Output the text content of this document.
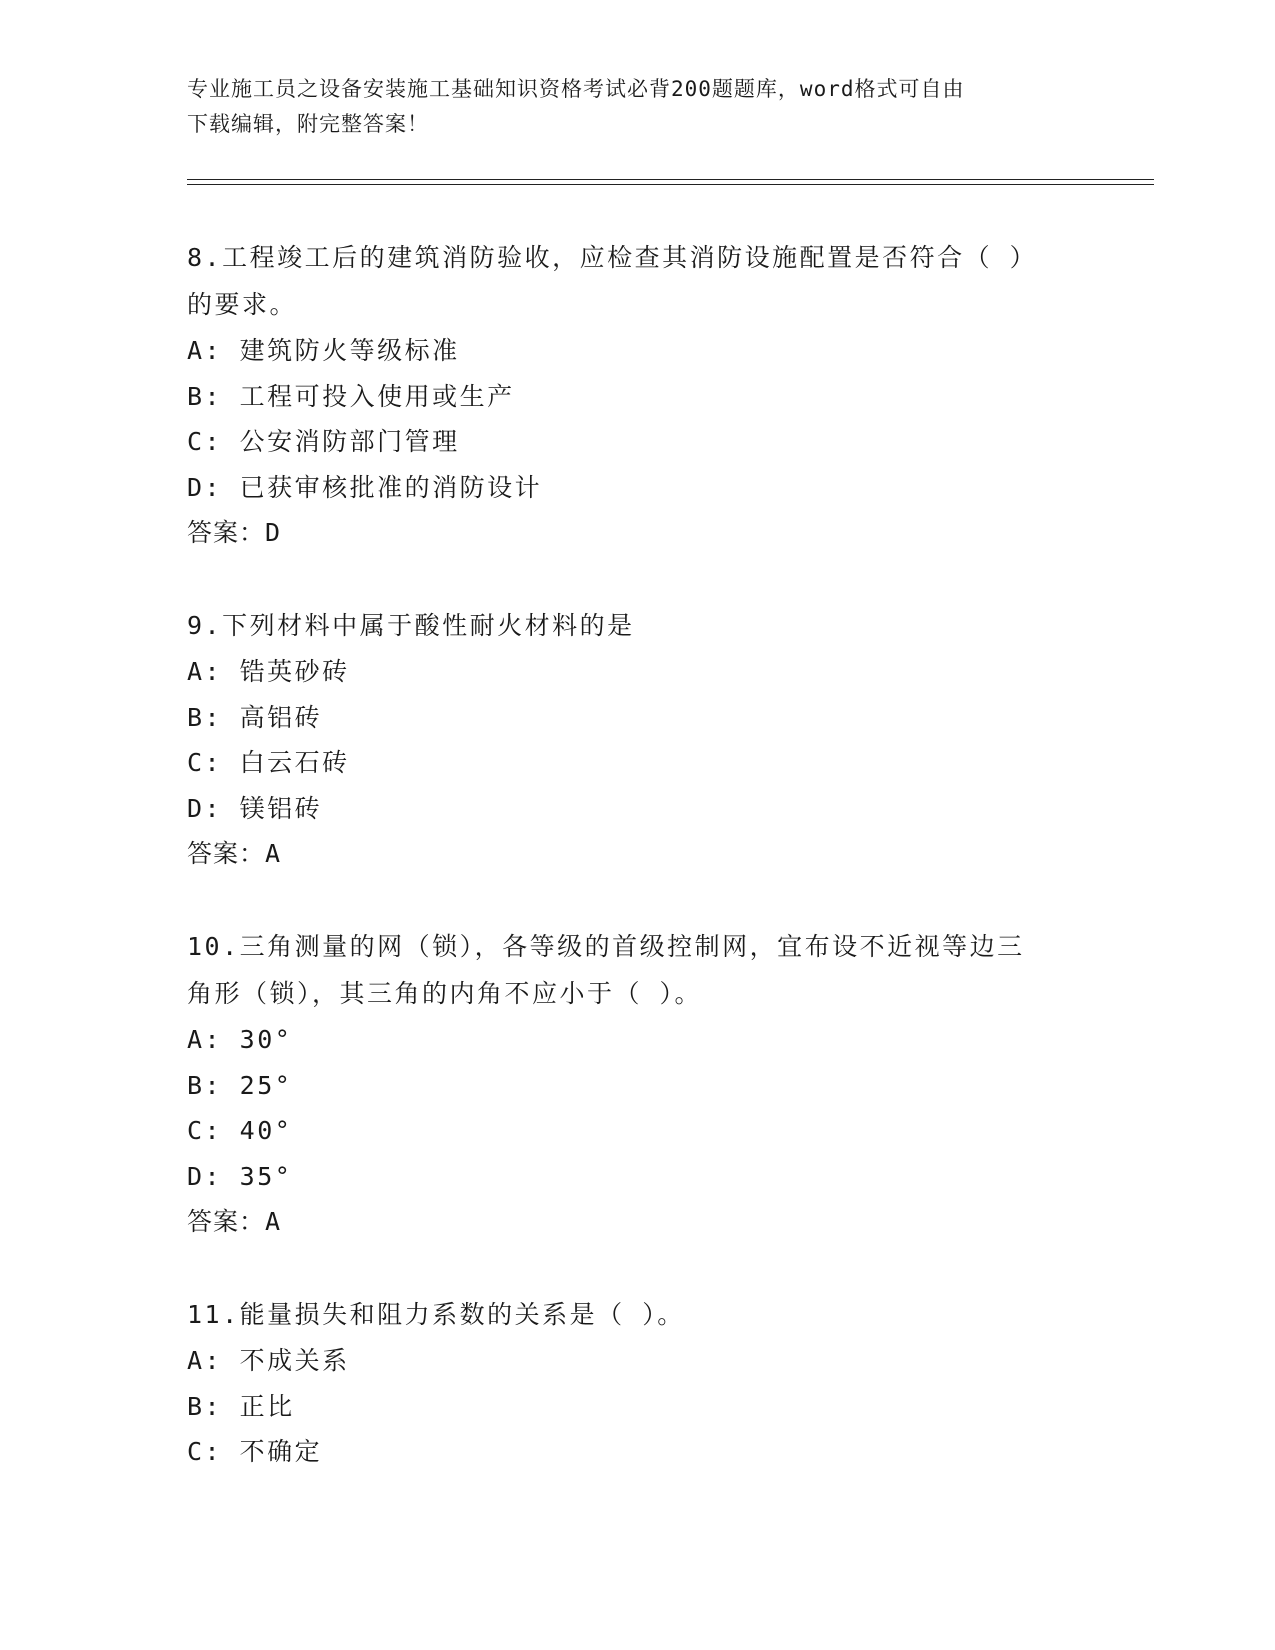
专业施工员之设备安装施工基础知识资格考试必背200题题库，word格式可自由
下载编辑，附完整答案！

8.工程竣工后的建筑消防验收，应检查其消防设施配置是否符合（ ）

的要求。

A: 建筑防火等级标准

B: 工程可投入使用或生产

C: 公安消防部门管理

D: 已获审核批准的消防设计

答案：D

9.下列材料中属于酸性耐火材料的是

A: 锆英砂砖

B: 高铝砖

C: 白云石砖

D: 镁铝砖

答案：A

10.三角测量的网（锁），各等级的首级控制网，宜布设不近视等边三

角形（锁），其三角的内角不应小于（ ）。

A: 30°

B: 25°

C: 40°

D: 35°

答案：A

11.能量损失和阻力系数的关系是（ ）。

A: 不成关系

B: 正比

C: 不确定
